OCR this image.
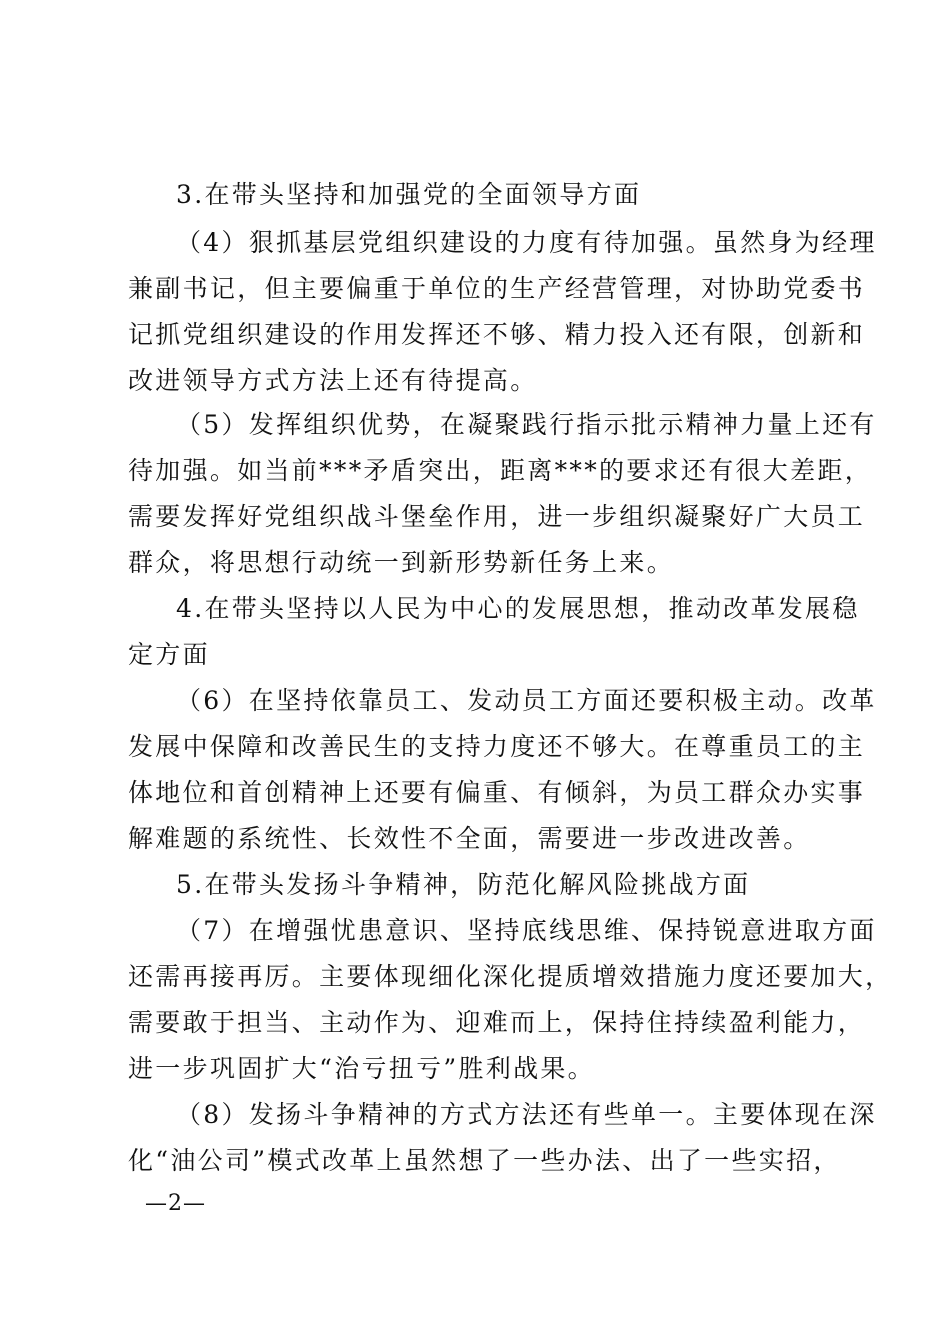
3.在带头坚持和加强党的全面领导方面
（4）狠抓基层党组织建设的力度有待加强。虽然身为经理
兼副书记，但主要偏重于单位的生产经营管理，对协助党委书
记抓党组织建设的作用发挥还不够、精力投入还有限，创新和
改进领导方式方法上还有待提高。
（5）发挥组织优势，在凝聚践行指示批示精神力量上还有
待加强。如当前***矛盾突出，距离***的要求还有很大差距，
需要发挥好党组织战斗堡垒作用，进一步组织凝聚好广大员工
群众，将思想行动统一到新形势新任务上来。
4.在带头坚持以人民为中心的发展思想，推动改革发展稳
定方面
（6）在坚持依靠员工、发动员工方面还要积极主动。改革
发展中保障和改善民生的支持力度还不够大。在尊重员工的主
体地位和首创精神上还要有偏重、有倾斜，为员工群众办实事
解难题的系统性、长效性不全面，需要进一步改进改善。
5.在带头发扬斗争精神，防范化解风险挑战方面
（7）在增强忧患意识、坚持底线思维、保持锐意进取方面
还需再接再厉。主要体现细化深化提质增效措施力度还要加大，
需要敢于担当、主动作为、迎难而上，保持住持续盈利能力，
进一步巩固扩大“治亏扭亏”胜利战果。
（8）发扬斗争精神的方式方法还有些单一。主要体现在深
化“油公司”模式改革上虽然想了一些办法、出了一些实招，
—2—
